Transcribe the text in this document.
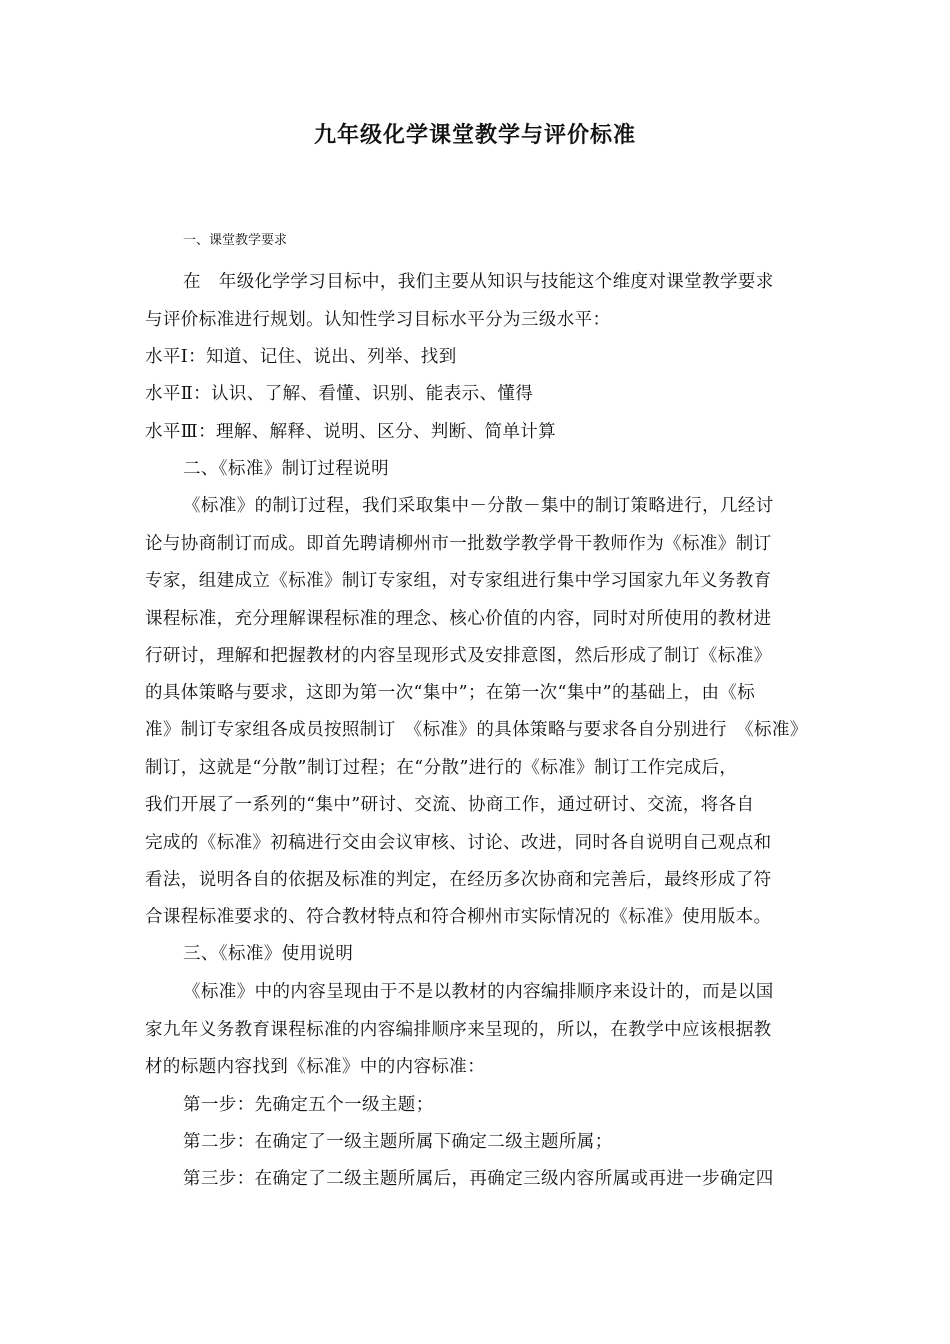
九年级化学课堂教学与评价标准
一、课堂教学要求
在　年级化学学习目标中，我们主要从知识与技能这个维度对课堂教学要求
与评价标准进行规划。认知性学习目标水平分为三级水平：
水平Ⅰ：知道、记住、说出、列举、找到
水平Ⅱ：认识、了解、看懂、识别、能表示、懂得
水平Ⅲ：理解、解释、说明、区分、判断、简单计算
二、《标准》制订过程说明
《标准》的制订过程，我们采取集中－分散－集中的制订策略进行，几经讨
论与协商制订而成。即首先聘请柳州市一批数学教学骨干教师作为《标准》制订
专家，组建成立《标准》制订专家组，对专家组进行集中学习国家九年义务教育
课程标准，充分理解课程标准的理念、核心价值的内容，同时对所使用的教材进
行研讨，理解和把握教材的内容呈现形式及安排意图，然后形成了制订《标准》
的具体策略与要求，这即为第一次“集中”；在第一次“集中”的基础上，由《标
准》制订专家组各成员按照制订　《标准》的具体策略与要求各自分别进行　《标准》
制订，这就是“分散”制订过程；在“分散”进行的《标准》制订工作完成后，
我们开展了一系列的“集中”研讨、交流、协商工作，通过研讨、交流，将各自
完成的《标准》初稿进行交由会议审核、讨论、改进，同时各自说明自己观点和
看法，说明各自的依据及标准的判定，在经历多次协商和完善后，最终形成了符
合课程标准要求的、符合教材特点和符合柳州市实际情况的《标准》使用版本。
三、《标准》使用说明
《标准》中的内容呈现由于不是以教材的内容编排顺序来设计的，而是以国
家九年义务教育课程标准的内容编排顺序来呈现的，所以，在教学中应该根据教
材的标题内容找到《标准》中的内容标准：
第一步：先确定五个一级主题；
第二步：在确定了一级主题所属下确定二级主题所属；
第三步：在确定了二级主题所属后，再确定三级内容所属或再进一步确定四
